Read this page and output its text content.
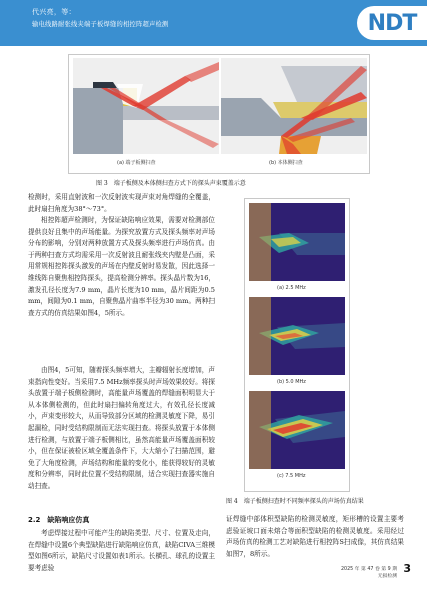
代兴亮，等：
输电线路耐张线夹端子板焊缝的相控阵超声检测	NDT
(a) 端子板侧扫查	(b) 本体侧扫查
图 3　端子板侧及本体侧扫查方式下的探头声束覆盖示意

检测时，采用直射波和一次反射波实现声束对角焊缝的全覆盖，此时扇扫角度为38°～73°。

相控阵超声检测时，为保证缺陷响应效果，需要对检测部位提供良好且集中的声场能量。为探究放置方式及探头频率对声场分布的影响，分别对两种放置方式及探头频率进行声场仿真。由于两种扫查方式均需采用一次反射波且耐张线夹内壁是凸面，采用常规相控阵探头激发的声场在内壁反射时易发散，因此选择一维线阵自聚焦相控阵探头，提高检测分辨率。探头晶片数为16，激发孔径长度为7.9 mm，晶片长度为10 mm，晶片间距为0.5 mm，间隙为0.1 mm，自聚焦晶片曲率半径为30 mm。两种扫查方式的仿真结果如图4，5所示。

由图4，5可知，随着探头频率增大，主瓣辐射长度增加，声束指向性变好。当采用7.5 MHz频率探头时声场效果较好。将探头放置于端子板侧检测时，高能量声场覆盖的焊缝面积明显大于从本体侧检测的，但此时扇扫偏转角度过大，有效孔径长度减小，声束变形较大，从而导致部分区域的检测灵敏度下降，易引起漏检，同时受结构限制而无法实现扫查。将探头放置于本体侧进行检测，与放置于端子板侧相比，虽然高能量声场覆盖面积较小，但在保证被检区域全覆盖条件下，大大缩小了扫描范围，避免了大角度检测，声场结构和能量的变化小，能获得较好的灵敏度和分辨率，同时此位置不受结构限制，适合实现扫查器实施自动扫查。

2.2　缺陷响应仿真

考虑焊接过程中可能产生的缺陷类型、尺寸、位置及走向，在焊缝中设置6个典型缺陷进行缺陷响应仿真，缺陷CIVA三维模型如图6所示，缺陷尺寸设置如表1所示。长横孔、球孔的设置主要考虑验

(a) 2.5 MHz
(b) 5.0 MHz
(c) 7.5 MHz
图 4　端子板侧扫查时不同频率探头的声场仿真结果

证焊缝中部体积型缺陷的检测灵敏度，矩形槽的设置主要考虑验证坡口面未熔合等面积型缺陷的检测灵敏度。采用经过声场仿真的检测工艺对缺陷进行相控阵S扫成像，其仿真结果如图7，8所示。

2025 年 第 47 卷 第 9 期
无损检测
3
